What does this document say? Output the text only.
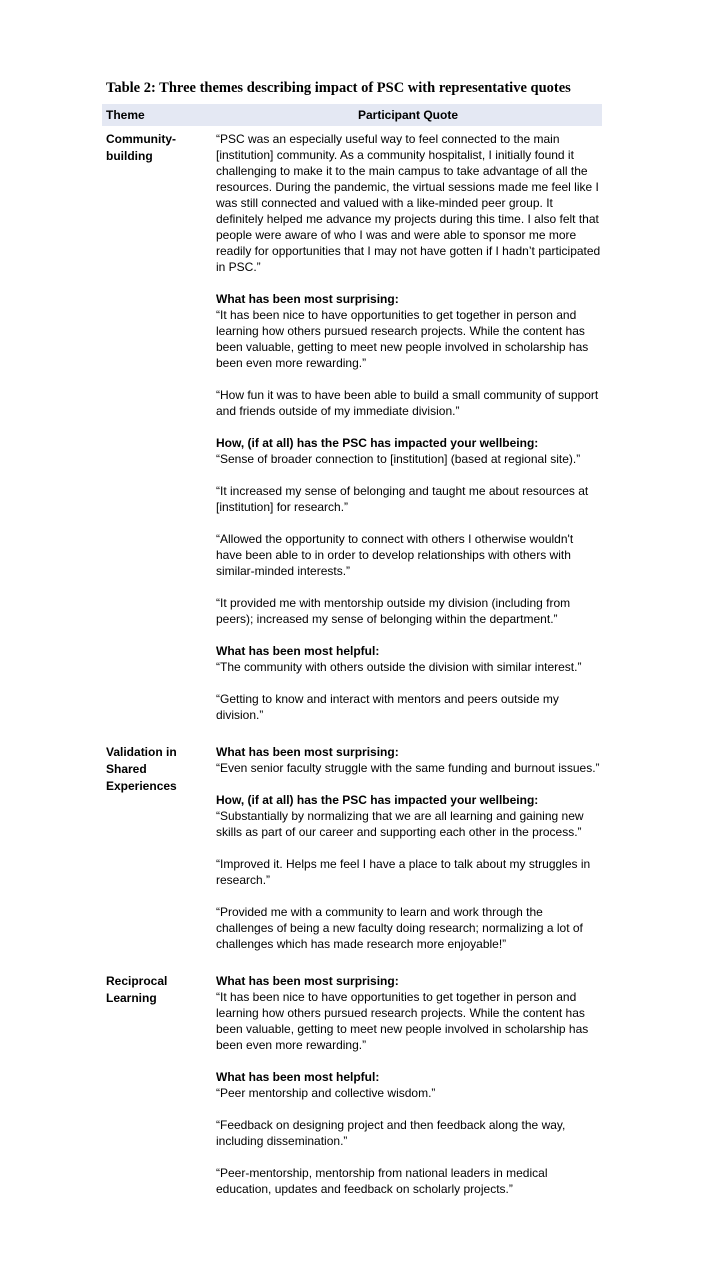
Table 2: Three themes describing impact of PSC with representative quotes
Theme	Participant Quote
Community-
building
“PSC was an especially useful way to feel connected to the main [institution] community. As a community hospitalist, I initially found it challenging to make it to the main campus to take advantage of all the resources. During the pandemic, the virtual sessions made me feel like I was still connected and valued with a like-minded peer group. It definitely helped me advance my projects during this time. I also felt that people were aware of who I was and were able to sponsor me more readily for opportunities that I may not have gotten if I hadn’t participated in PSC.”
What has been most surprising:
“It has been nice to have opportunities to get together in person and learning how others pursued research projects. While the content has been valuable, getting to meet new people involved in scholarship has been even more rewarding.”
“How fun it was to have been able to build a small community of support and friends outside of my immediate division.”
How, (if at all) has the PSC has impacted your wellbeing:
“Sense of broader connection to [institution] (based at regional site).”
“It increased my sense of belonging and taught me about resources at [institution] for research.”
“Allowed the opportunity to connect with others I otherwise wouldn't have been able to in order to develop relationships with others with similar-minded interests.”
“It provided me with mentorship outside my division (including from peers); increased my sense of belonging within the department.”
What has been most helpful:
“The community with others outside the division with similar interest.”
“Getting to know and interact with mentors and peers outside my division.”
Validation in
Shared
Experiences
What has been most surprising:
“Even senior faculty struggle with the same funding and burnout issues.”
How, (if at all) has the PSC has impacted your wellbeing:
“Substantially by normalizing that we are all learning and gaining new skills as part of our career and supporting each other in the process.”
“Improved it. Helps me feel I have a place to talk about my struggles in research.”
“Provided me with a community to learn and work through the challenges of being a new faculty doing research; normalizing a lot of challenges which has made research more enjoyable!”
Reciprocal
Learning
What has been most surprising:
“It has been nice to have opportunities to get together in person and learning how others pursued research projects. While the content has been valuable, getting to meet new people involved in scholarship has been even more rewarding.”
What has been most helpful:
“Peer mentorship and collective wisdom.”
“Feedback on designing project and then feedback along the way, including dissemination.”
“Peer-mentorship, mentorship from national leaders in medical education, updates and feedback on scholarly projects.”
